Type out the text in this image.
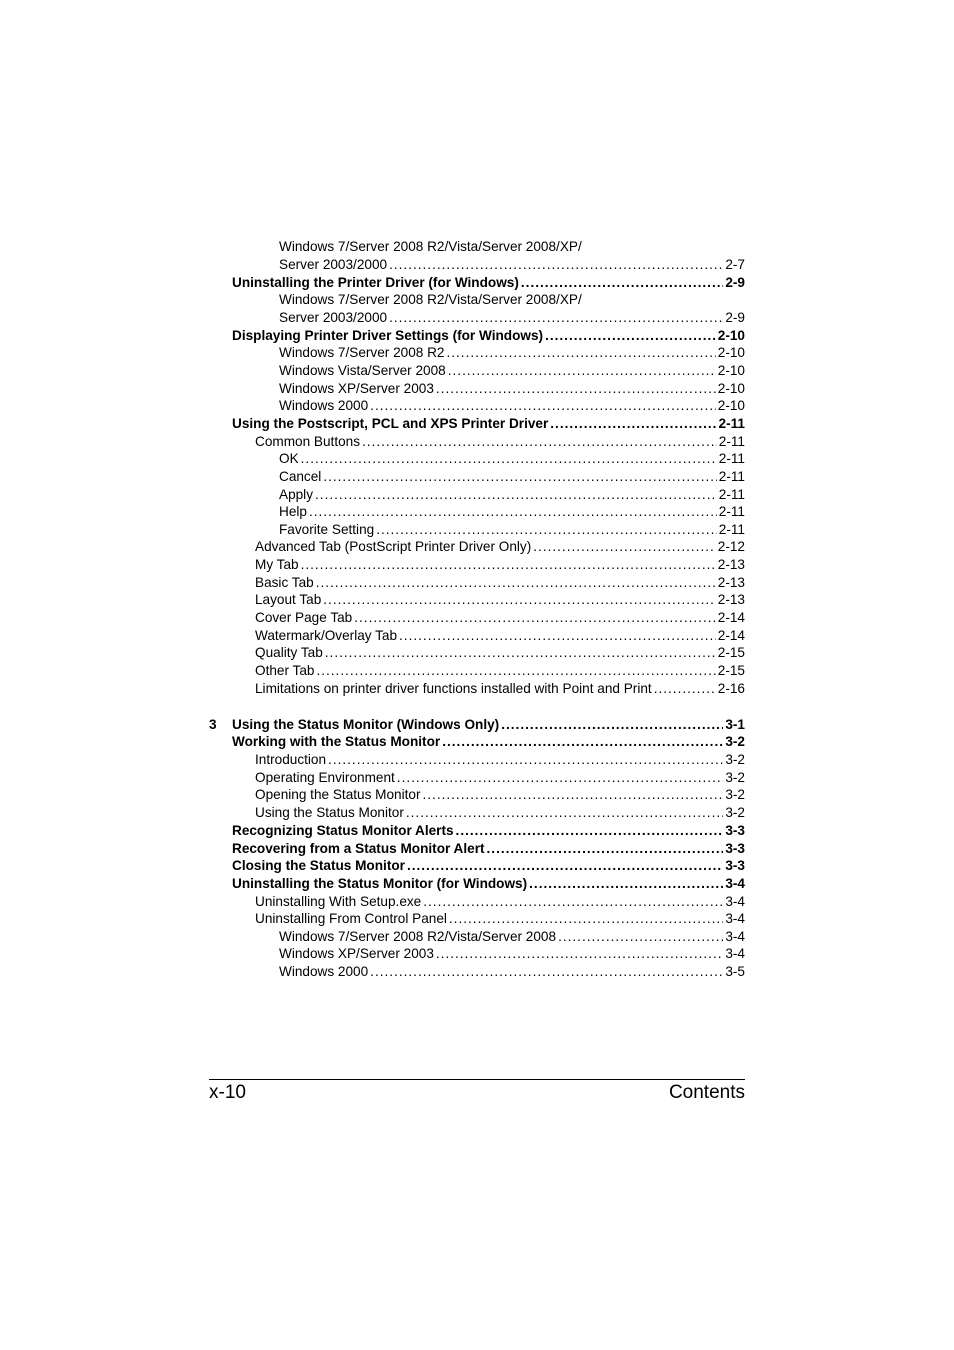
Windows 7/Server 2008 R2/Vista/Server 2008/XP/
Server 2003/2000 .....	2-7
Uninstalling the Printer Driver (for Windows) .....	2-9
Windows 7/Server 2008 R2/Vista/Server 2008/XP/
Server 2003/2000 .....	2-9
Displaying Printer Driver Settings (for Windows) .....	2-10
Windows 7/Server 2008 R2 .....	2-10
Windows Vista/Server 2008 .....	2-10
Windows XP/Server 2003 .....	2-10
Windows 2000 .....	2-10
Using the Postscript, PCL and XPS Printer Driver .....	2-11
Common Buttons .....	2-11
OK .....	2-11
Cancel .....	2-11
Apply .....	2-11
Help .....	2-11
Favorite Setting .....	2-11
Advanced Tab (PostScript Printer Driver Only) .....	2-12
My Tab .....	2-13
Basic Tab .....	2-13
Layout Tab .....	2-13
Cover Page Tab .....	2-14
Watermark/Overlay Tab .....	2-14
Quality Tab .....	2-15
Other Tab .....	2-15
Limitations on printer driver functions installed with Point and Print .....	2-16
3 Using the Status Monitor (Windows Only) .....	3-1
Working with the Status Monitor .....	3-2
Introduction .....	3-2
Operating Environment .....	3-2
Opening the Status Monitor .....	3-2
Using the Status Monitor .....	3-2
Recognizing Status Monitor Alerts .....	3-3
Recovering from a Status Monitor Alert .....	3-3
Closing the Status Monitor .....	3-3
Uninstalling the Status Monitor (for Windows) .....	3-4
Uninstalling With Setup.exe .....	3-4
Uninstalling From Control Panel .....	3-4
Windows 7/Server 2008 R2/Vista/Server 2008 .....	3-4
Windows XP/Server 2003 .....	3-4
Windows 2000 .....	3-5
x-10	Contents
